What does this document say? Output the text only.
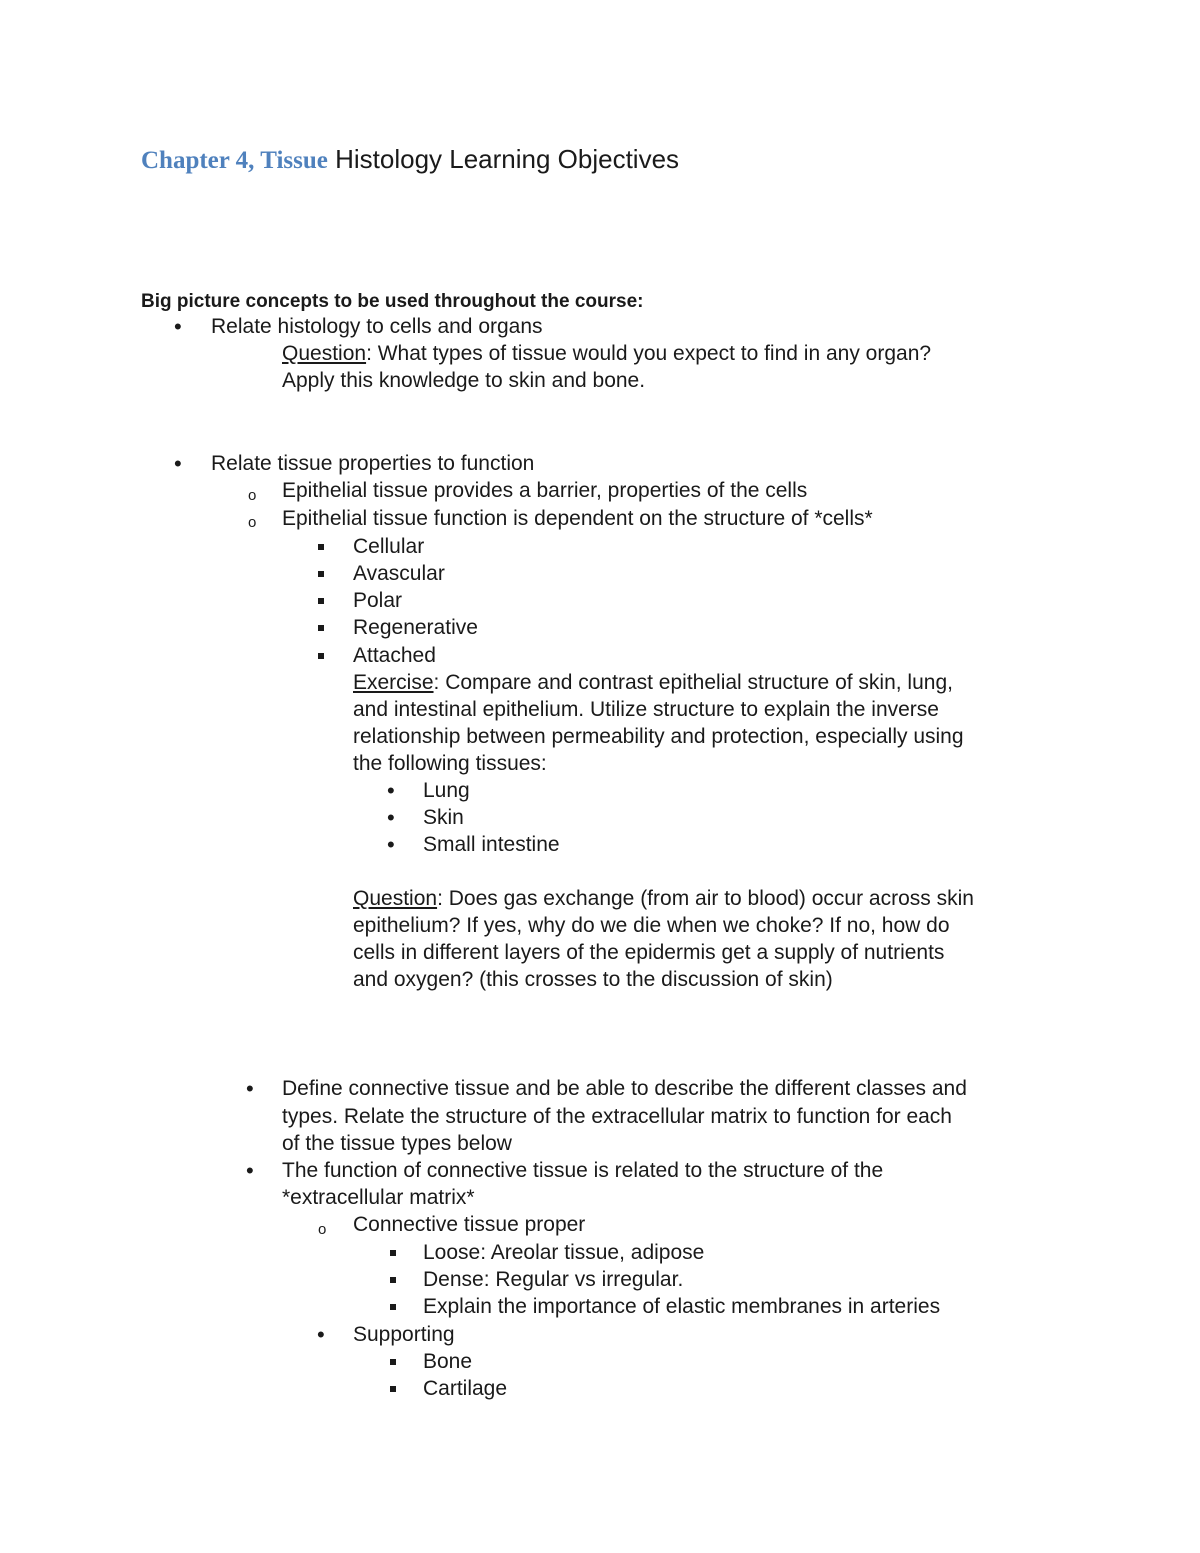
Chapter 4, Tissue Histology Learning Objectives
Big picture concepts to be used throughout the course:
•
Relate histology to cells and organs
Question: What types of tissue would you expect to find in any organ?
Apply this knowledge to skin and bone.
•
Relate tissue properties to function
o Epithelial tissue provides a barrier, properties of the cells
o Epithelial tissue function is dependent on the structure of *cells*
Cellular
Avascular
Polar
Regenerative
Attached
Exercise: Compare and contrast epithelial structure of skin, lung,
and intestinal epithelium. Utilize structure to explain the inverse
relationship between permeability and protection, especially using
the following tissues:
•
Lung
•
Skin
•
Small intestine
Question: Does gas exchange (from air to blood) occur across skin
epithelium? If yes, why do we die when we choke? If no, how do
cells in different layers of the epidermis get a supply of nutrients
and oxygen? (this crosses to the discussion of skin)
•
Define connective tissue and be able to describe the different classes and
types. Relate the structure of the extracellular matrix to function for each
of the tissue types below
•
The function of connective tissue is related to the structure of the
*extracellular matrix*
o Connective tissue proper
Loose: Areolar tissue, adipose
Dense: Regular vs irregular.
Explain the importance of elastic membranes in arteries
•
Supporting
Bone
Cartilage
